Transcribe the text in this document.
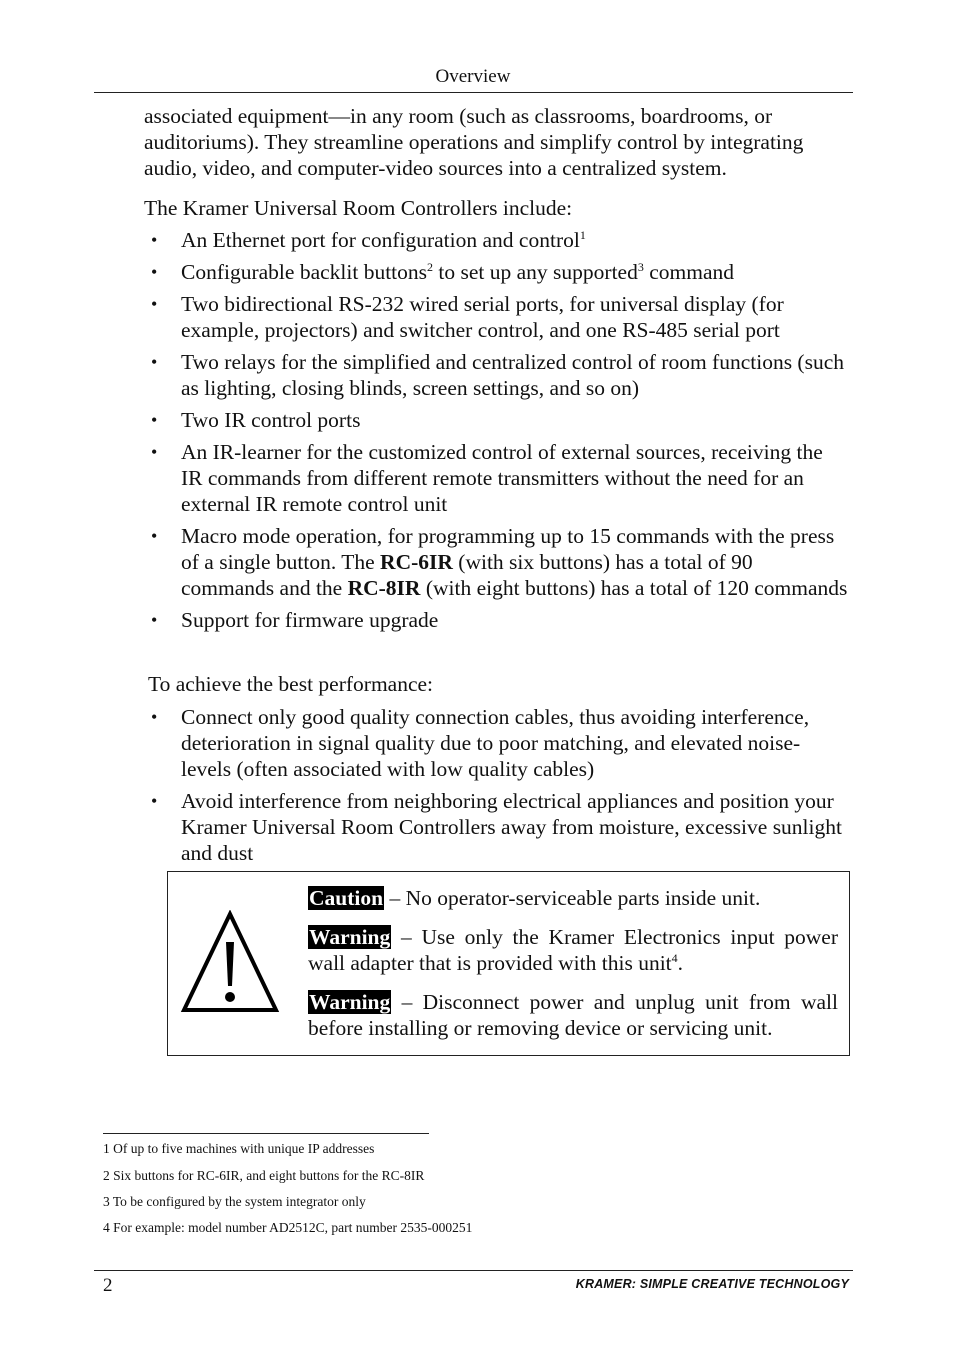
Overview
associated equipment—in any room (such as classrooms, boardrooms, or auditoriums). They streamline operations and simplify control by integrating audio, video, and computer-video sources into a centralized system.
The Kramer Universal Room Controllers include:
• An Ethernet port for configuration and control$^1$
• Configurable backlit buttons$^2$ to set up any supported$^3$ command
• Two bidirectional RS-232 wired serial ports, for universal display (for example, projectors) and switcher control, and one RS-485 serial port
• Two relays for the simplified and centralized control of room functions (such as lighting, closing blinds, screen settings, and so on)
• Two IR control ports
• An IR-learner for the customized control of external sources, receiving the IR commands from different remote transmitters without the need for an external IR remote control unit
• Macro mode operation, for programming up to 15 commands with the press of a single button. The RC-6IR (with six buttons) has a total of 90 commands and the RC-8IR (with eight buttons) has a total of 120 commands
• Support for firmware upgrade
To achieve the best performance:
• Connect only good quality connection cables, thus avoiding interference, deterioration in signal quality due to poor matching, and elevated noise-levels (often associated with low quality cables)
• Avoid interference from neighboring electrical appliances and position your Kramer Universal Room Controllers away from moisture, excessive sunlight and dust
Caution – No operator-serviceable parts inside unit.
Warning – Use only the Kramer Electronics input power wall adapter that is provided with this unit$^4$.
Warning – Disconnect power and unplug unit from wall before installing or removing device or servicing unit.
1 Of up to five machines with unique IP addresses
2 Six buttons for RC-6IR, and eight buttons for the RC-8IR
3 To be configured by the system integrator only
4 For example: model number AD2512C, part number 2535-000251
2	KRAMER: SIMPLE CREATIVE TECHNOLOGY
